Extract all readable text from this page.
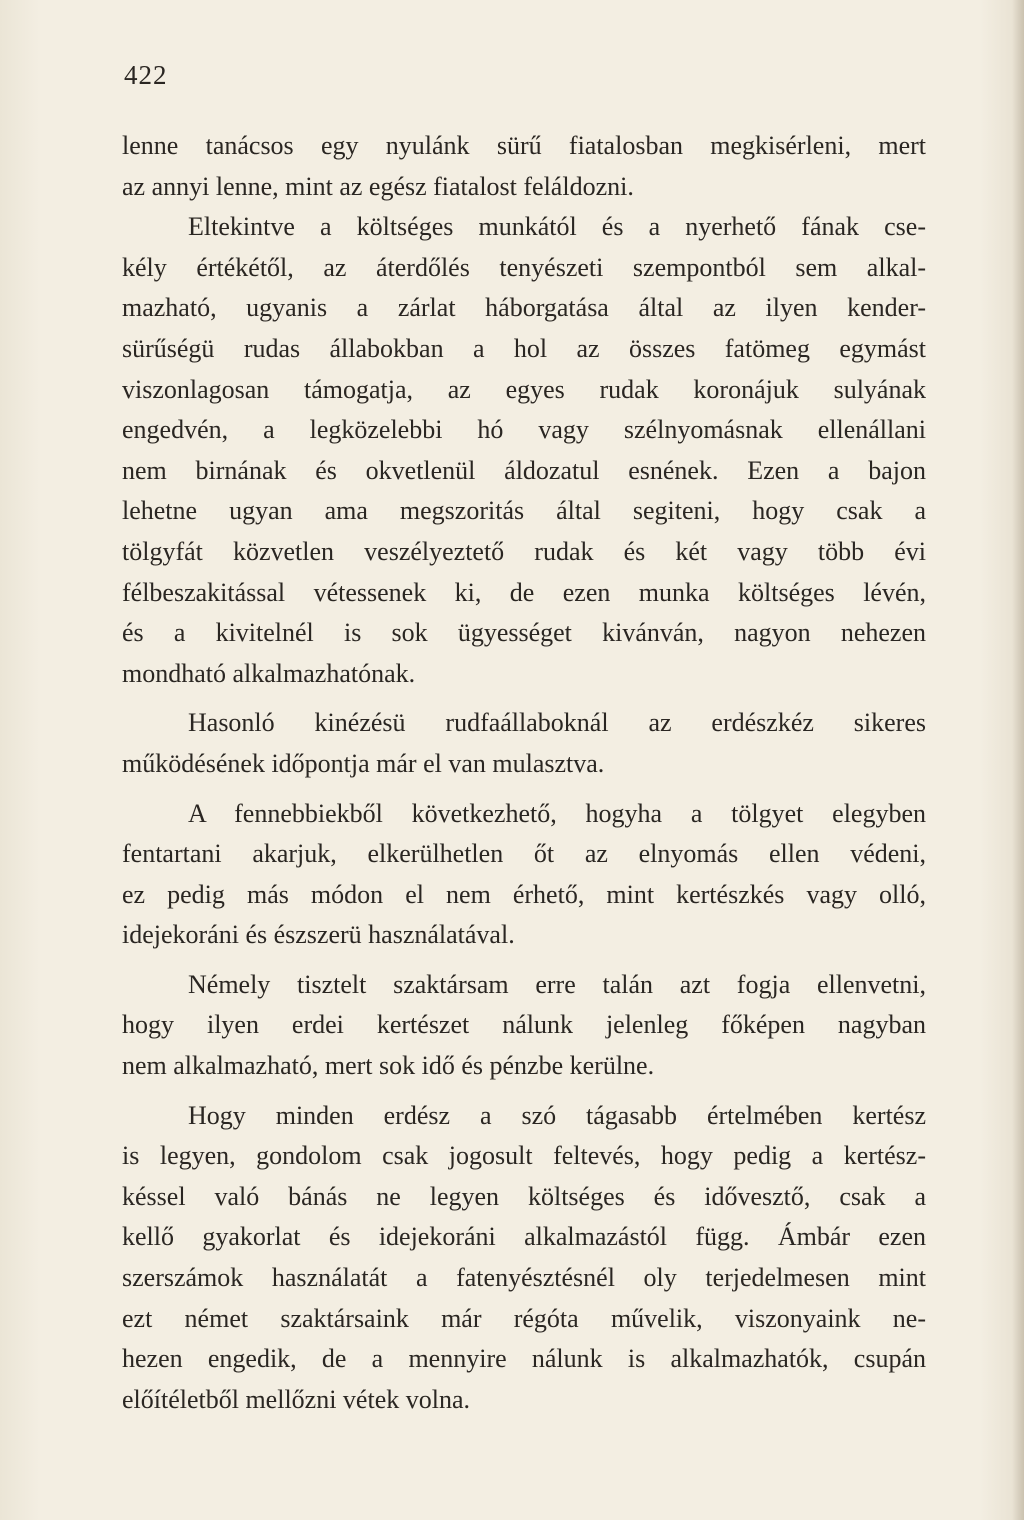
422
lenne tanácsos egy nyulánk sürű fiatalosban megkisérleni, mert
az annyi lenne, mint az egész fiatalost feláldozni.
Eltekintve a költséges munkától és a nyerhető fának cse-
kély értékétől, az áterdőlés tenyészeti szempontból sem alkal-
mazható, ugyanis a zárlat háborgatása által az ilyen kender-
sürűségü rudas állabokban a hol az összes fatömeg egymást
viszonlagosan támogatja, az egyes rudak koronájuk sulyának
engedvén, a legközelebbi hó vagy szélnyomásnak ellenállani
nem birnának és okvetlenül áldozatul esnének. Ezen a bajon
lehetne ugyan ama megszoritás által segiteni, hogy csak a
tölgyfát közvetlen veszélyeztető rudak és két vagy több évi
félbeszakitással vétessenek ki, de ezen munka költséges lévén,
és a kivitelnél is sok ügyességet kivánván, nagyon nehezen
mondható alkalmazhatónak.
Hasonló kinézésü rudfaállaboknál az erdészkéz sikeres
működésének időpontja már el van mulasztva.
A fennebbiekből következhető, hogyha a tölgyet elegyben
fentartani akarjuk, elkerülhetlen őt az elnyomás ellen védeni,
ez pedig más módon el nem érhető, mint kertészkés vagy olló,
idejekoráni és észszerü használatával.
Némely tisztelt szaktársam erre talán azt fogja ellenvetni,
hogy ilyen erdei kertészet nálunk jelenleg főképen nagyban
nem alkalmazható, mert sok idő és pénzbe kerülne.
Hogy minden erdész a szó tágasabb értelmében kertész
is legyen, gondolom csak jogosult feltevés, hogy pedig a kertész-
késsel való bánás ne legyen költséges és idővesztő, csak a
kellő gyakorlat és idejekoráni alkalmazástól függ. Ámbár ezen
szerszámok használatát a fatenyésztésnél oly terjedelmesen mint
ezt német szaktársaink már régóta művelik, viszonyaink ne-
hezen engedik, de a mennyire nálunk is alkalmazhatók, csupán
előítéletből mellőzni vétek volna.
